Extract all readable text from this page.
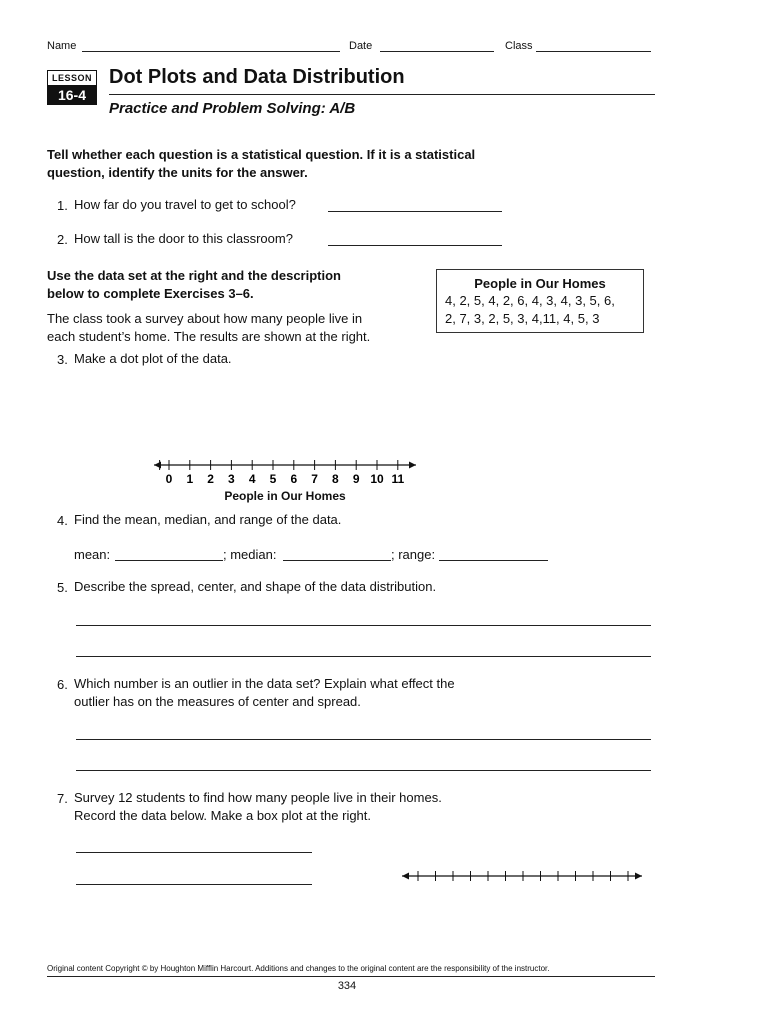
Name	Date	Class
LESSON
16-4
Dot Plots and Data Distribution
Practice and Problem Solving: A/B
Tell whether each question is a statistical question. If it is a statistical
question, identify the units for the answer.
1. How far do you travel to get to school?
2. How tall is the door to this classroom?
Use the data set at the right and the description
below to complete Exercises 3–6.
The class took a survey about how many people live in
each student’s home. The results are shown at the right.
People in Our Homes
4, 2, 5, 4, 2, 6, 4, 3, 4, 3, 5, 6,
2, 7, 3, 2, 5, 3, 4,11, 4, 5, 3
3. Make a dot plot of the data.
0 1 2 3 4 5 6 7 8 9 10 11
People in Our Homes
4. Find the mean, median, and range of the data.
mean:	; median:	; range:
5. Describe the spread, center, and shape of the data distribution.
6. Which number is an outlier in the data set? Explain what effect the
outlier has on the measures of center and spread.
7. Survey 12 students to find how many people live in their homes.
Record the data below. Make a box plot at the right.
Original content Copyright © by Houghton Mifflin Harcourt. Additions and changes to the original content are the responsibility of the instructor.
334
